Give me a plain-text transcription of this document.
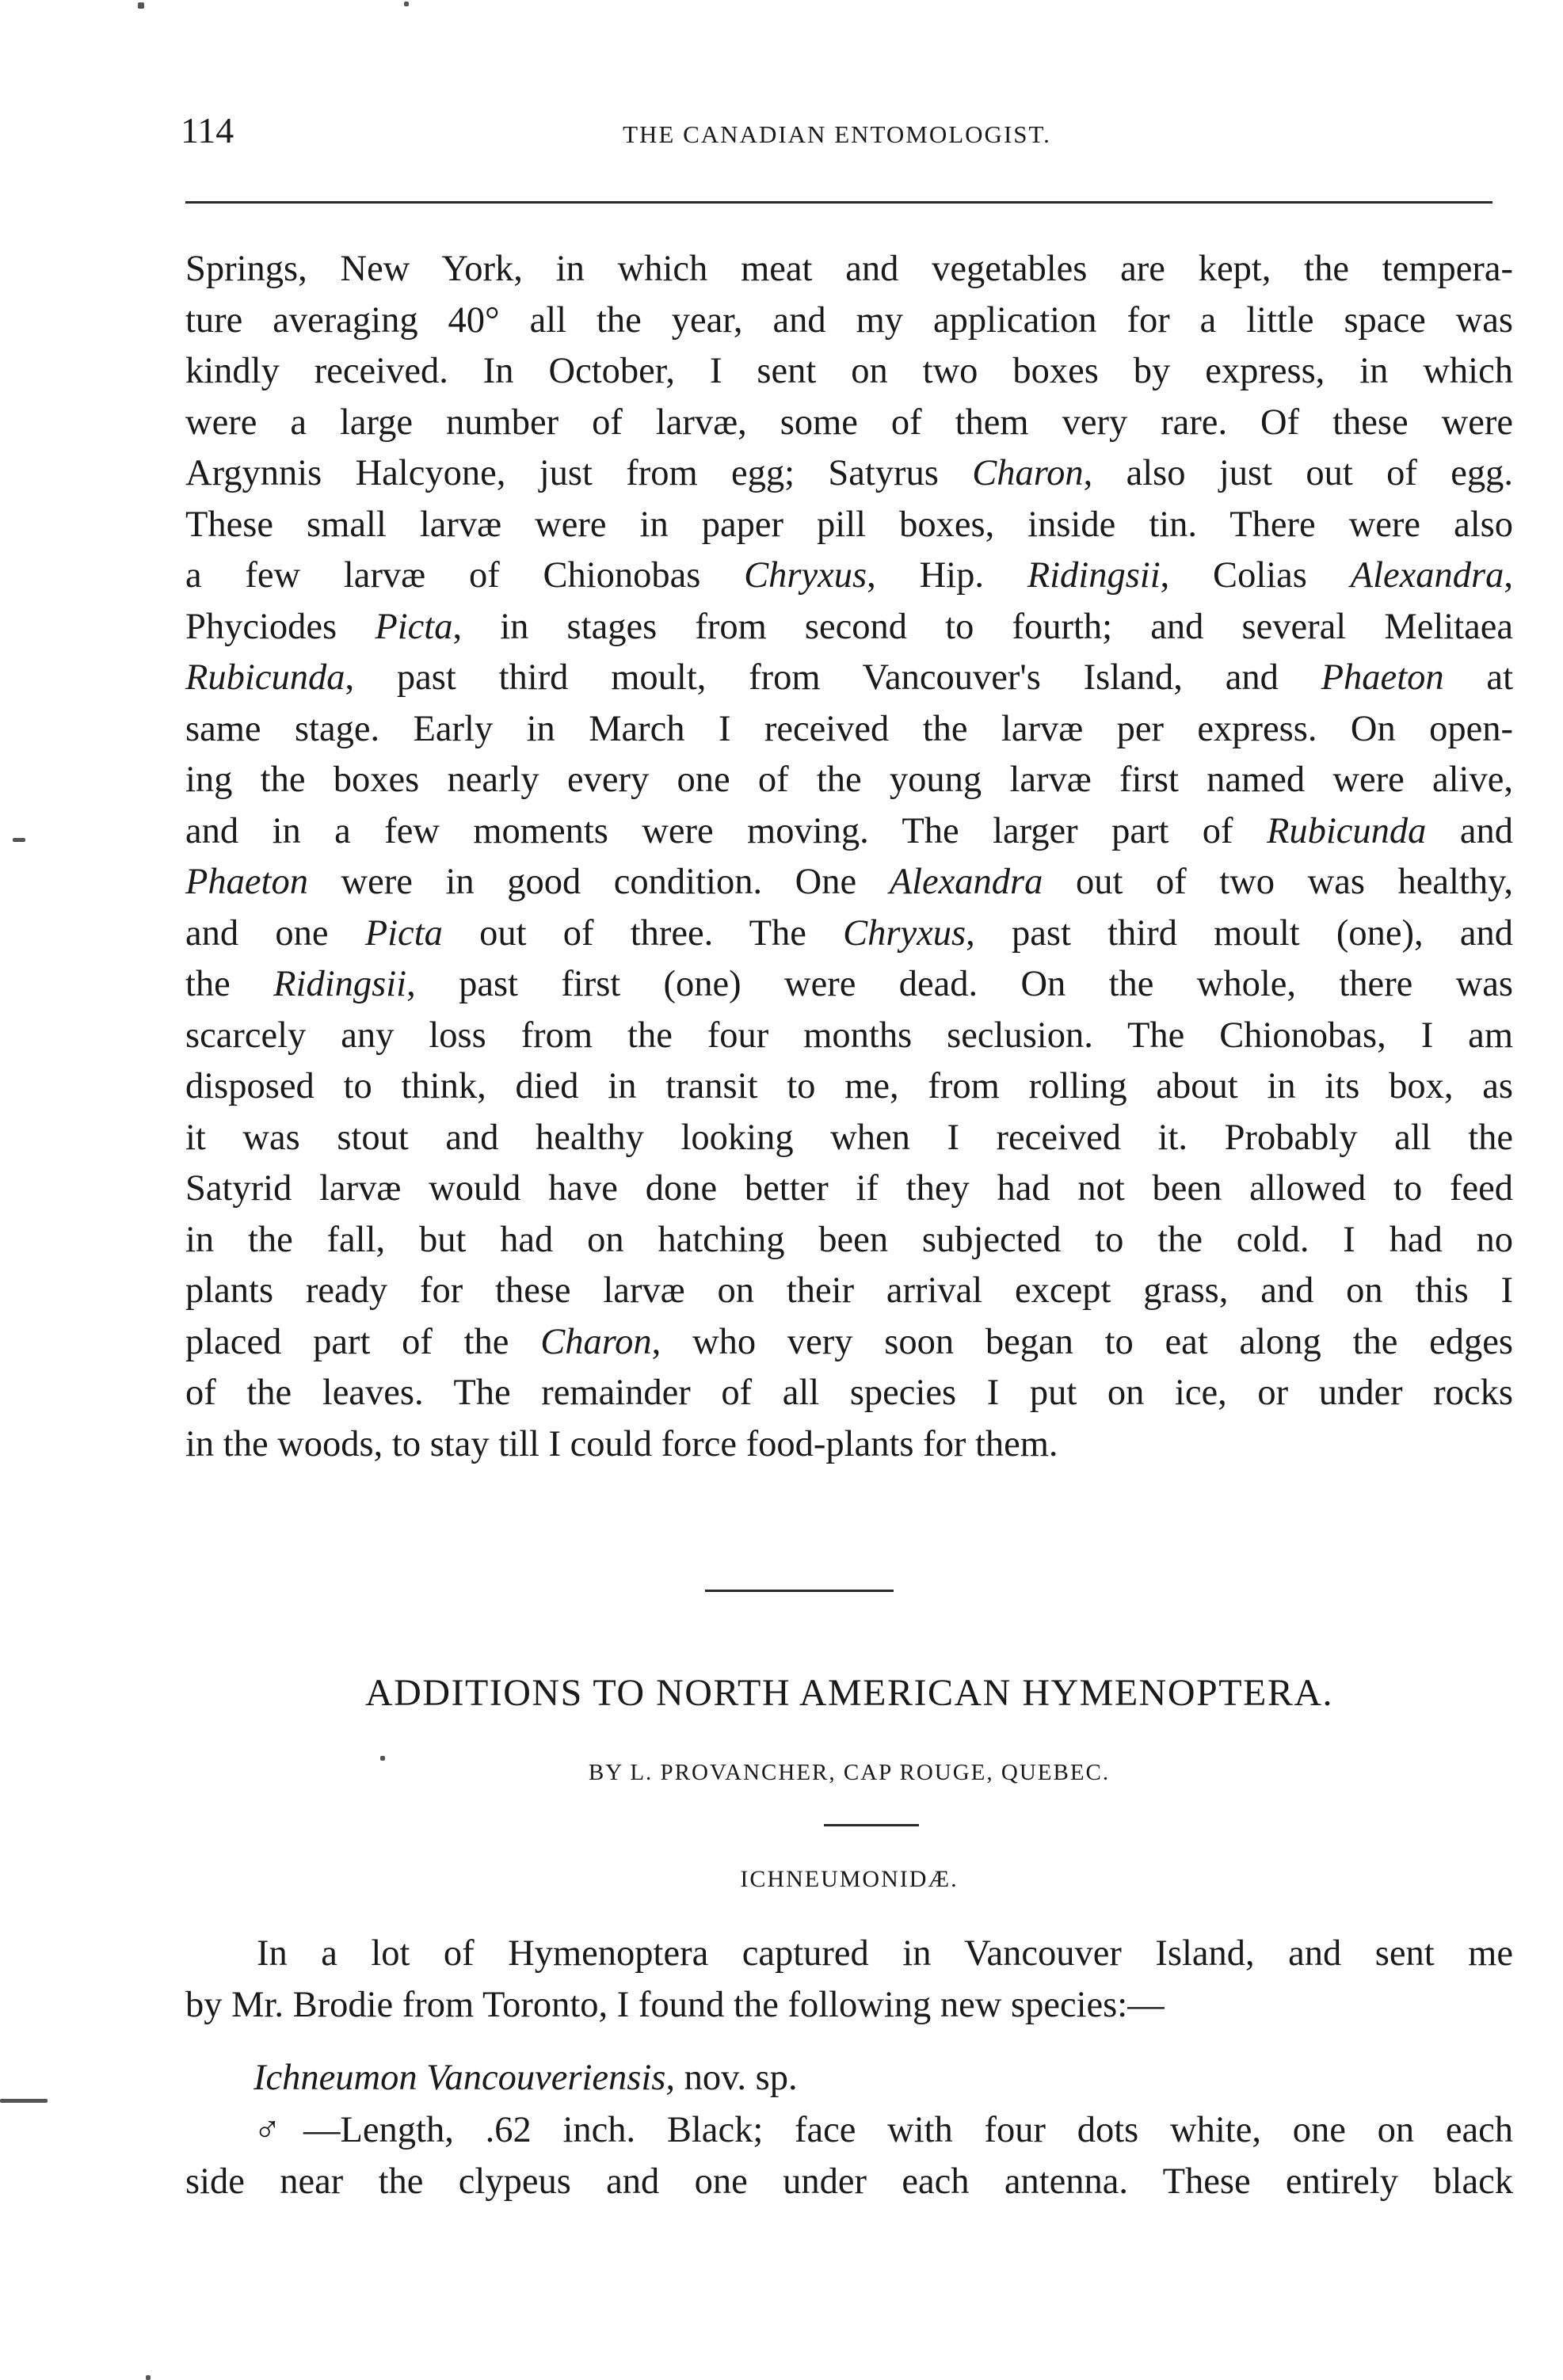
114	THE CANADIAN ENTOMOLOGIST.
Springs, New York, in which meat and vegetables are kept, the tempera-
ture averaging 40° all the year, and my application for a little space was
kindly received. In October, I sent on two boxes by express, in which
were a large number of larvæ, some of them very rare. Of these were
Argynnis Halcyone, just from egg; Satyrus Charon, also just out of egg.
These small larvæ were in paper pill boxes, inside tin. There were also
a few larvæ of Chionobas Chryxus, Hip. Ridingsii, Colias Alexandra,
Phyciodes Picta, in stages from second to fourth; and several Melitaea
Rubicunda, past third moult, from Vancouver's Island, and Phaeton at
same stage. Early in March I received the larvæ per express. On open-
ing the boxes nearly every one of the young larvæ first named were alive,
and in a few moments were moving. The larger part of Rubicunda and
Phaeton were in good condition. One Alexandra out of two was healthy,
and one Picta out of three. The Chryxus, past third moult (one), and
the Ridingsii, past first (one) were dead. On the whole, there was
scarcely any loss from the four months seclusion. The Chionobas, I am
disposed to think, died in transit to me, from rolling about in its box, as
it was stout and healthy looking when I received it. Probably all the
Satyrid larvæ would have done better if they had not been allowed to feed
in the fall, but had on hatching been subjected to the cold. I had no
plants ready for these larvæ on their arrival except grass, and on this I
placed part of the Charon, who very soon began to eat along the edges
of the leaves. The remainder of all species I put on ice, or under rocks
in the woods, to stay till I could force food-plants for them.
ADDITIONS TO NORTH AMERICAN HYMENOPTERA.
BY L. PROVANCHER, CAP ROUGE, QUEBEC.
ICHNEUMONIDÆ.
In a lot of Hymenoptera captured in Vancouver Island, and sent me
by Mr. Brodie from Toronto, I found the following new species:—
Ichneumon Vancouveriensis, nov. sp.
♂—Length, .62 inch. Black; face with four dots white, one on each
side near the clypeus and one under each antenna. These entirely black
